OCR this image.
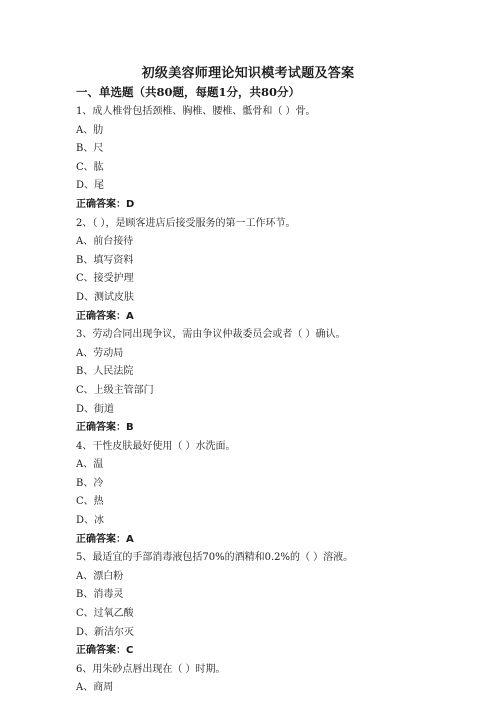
初级美容师理论知识模考试题及答案
一、单选题（共80题，每题1分，共80分）
1、成人椎骨包括颈椎、胸椎、腰椎、骶骨和（ ）骨。
A、肋
B、尺
C、肱
D、尾
正确答案：D
2、（ ），是顾客进店后接受服务的第一工作环节。
A、前台接待
B、填写资料
C、接受护理
D、测试皮肤
正确答案：A
3、劳动合同出现争议，需由争议仲裁委员会或者（ ）确认。
A、劳动局
B、人民法院
C、上级主管部门
D、街道
正确答案：B
4、干性皮肤最好使用（ ）水洗面。
A、温
B、冷
C、热
D、冰
正确答案：A
5、最适宜的手部消毒液包括70%的酒精和0.2%的（ ）溶液。
A、漂白粉
B、消毒灵
C、过氧乙酸
D、新洁尔灭
正确答案：C
6、用朱砂点唇出现在（ ）时期。
A、商周
